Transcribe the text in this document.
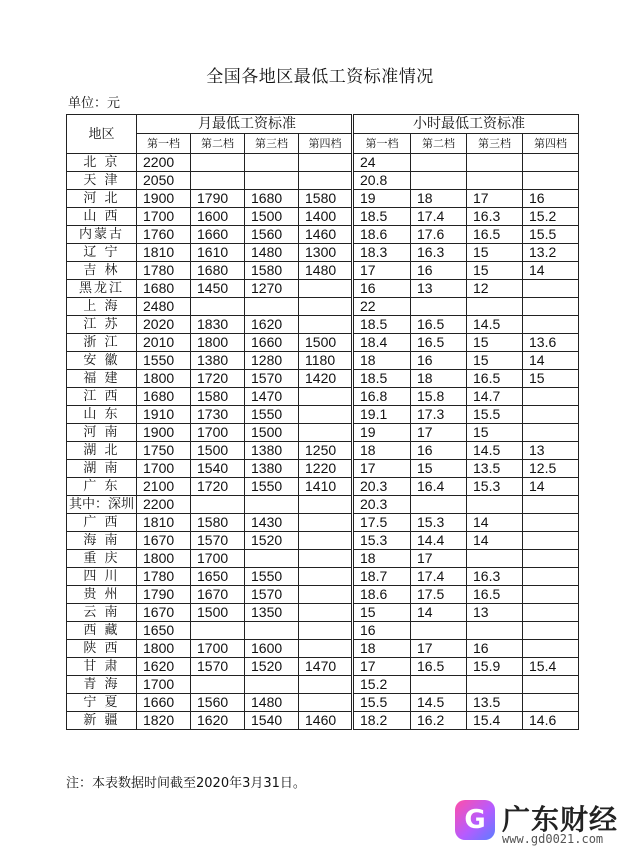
全国各地区最低工资标准情况
单位：元
地区	月最低工资标准				小时最低工资标准			
	第一档	第二档	第三档	第四档	第一档	第二档	第三档	第四档
北 京	2200				24			
天 津	2050				20.8			
河 北	1900	1790	1680	1580	19	18	17	16
山 西	1700	1600	1500	1400	18.5	17.4	16.3	15.2
内蒙古	1760	1660	1560	1460	18.6	17.6	16.5	15.5
辽 宁	1810	1610	1480	1300	18.3	16.3	15	13.2
吉 林	1780	1680	1580	1480	17	16	15	14
黑龙江	1680	1450	1270		16	13	12	
上 海	2480				22			
江 苏	2020	1830	1620		18.5	16.5	14.5	
浙 江	2010	1800	1660	1500	18.4	16.5	15	13.6
安 徽	1550	1380	1280	1180	18	16	15	14
福 建	1800	1720	1570	1420	18.5	18	16.5	15
江 西	1680	1580	1470		16.8	15.8	14.7	
山 东	1910	1730	1550		19.1	17.3	15.5	
河 南	1900	1700	1500		19	17	15	
湖 北	1750	1500	1380	1250	18	16	14.5	13
湖 南	1700	1540	1380	1220	17	15	13.5	12.5
广 东	2100	1720	1550	1410	20.3	16.4	15.3	14
其中：深圳	2200				20.3			
广 西	1810	1580	1430		17.5	15.3	14	
海 南	1670	1570	1520		15.3	14.4	14	
重 庆	1800	1700			18	17		
四 川	1780	1650	1550		18.7	17.4	16.3	
贵 州	1790	1670	1570		18.6	17.5	16.5	
云 南	1670	1500	1350		15	14	13	
西 藏	1650				16			
陕 西	1800	1700	1600		18	17	16	
甘 肃	1620	1570	1520	1470	17	16.5	15.9	15.4
青 海	1700				15.2			
宁 夏	1660	1560	1480		15.5	14.5	13.5	
新 疆	1820	1620	1540	1460	18.2	16.2	15.4	14.6
注：本表数据时间截至2020年3月31日。
G 广东财经
www.gd0021.com
